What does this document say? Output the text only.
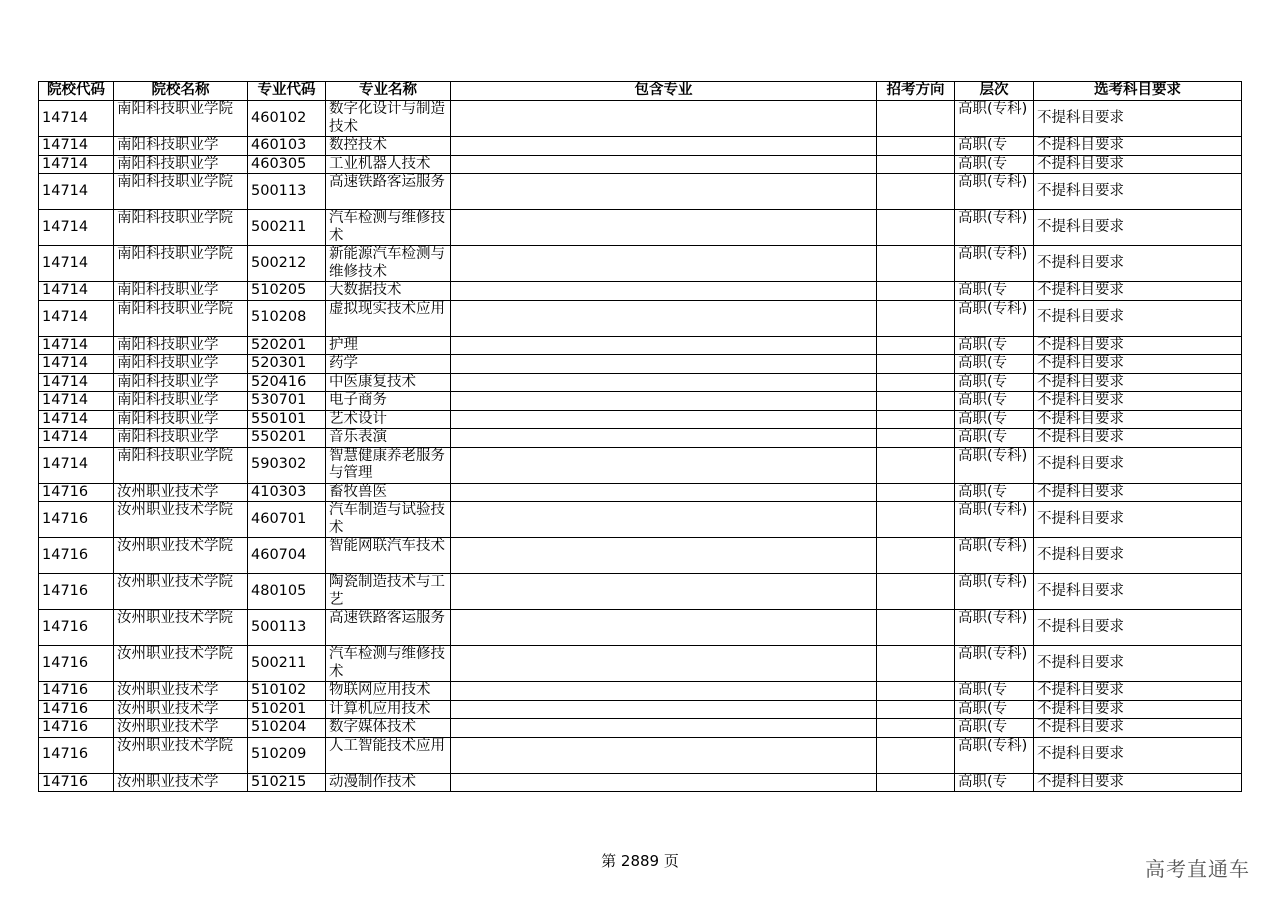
院校代码	院校名称	专业代码	专业名称	包含专业	招考方向	层次	选考科目要求
14714	南阳科技职业学院	460102	数字化设计与制造技术			高职(专科)	不提科目要求
14714	南阳科技职业学	460103	数控技术			高职(专	不提科目要求
14714	南阳科技职业学	460305	工业机器人技术			高职(专	不提科目要求
14714	南阳科技职业学院	500113	高速铁路客运服务			高职(专科)	不提科目要求
14714	南阳科技职业学院	500211	汽车检测与维修技术			高职(专科)	不提科目要求
14714	南阳科技职业学院	500212	新能源汽车检测与维修技术			高职(专科)	不提科目要求
14714	南阳科技职业学	510205	大数据技术			高职(专	不提科目要求
14714	南阳科技职业学院	510208	虚拟现实技术应用			高职(专科)	不提科目要求
14714	南阳科技职业学	520201	护理			高职(专	不提科目要求
14714	南阳科技职业学	520301	药学			高职(专	不提科目要求
14714	南阳科技职业学	520416	中医康复技术			高职(专	不提科目要求
14714	南阳科技职业学	530701	电子商务			高职(专	不提科目要求
14714	南阳科技职业学	550101	艺术设计			高职(专	不提科目要求
14714	南阳科技职业学	550201	音乐表演			高职(专	不提科目要求
14714	南阳科技职业学院	590302	智慧健康养老服务与管理			高职(专科)	不提科目要求
14716	汝州职业技术学	410303	畜牧兽医			高职(专	不提科目要求
14716	汝州职业技术学院	460701	汽车制造与试验技术			高职(专科)	不提科目要求
14716	汝州职业技术学院	460704	智能网联汽车技术			高职(专科)	不提科目要求
14716	汝州职业技术学院	480105	陶瓷制造技术与工艺			高职(专科)	不提科目要求
14716	汝州职业技术学院	500113	高速铁路客运服务			高职(专科)	不提科目要求
14716	汝州职业技术学院	500211	汽车检测与维修技术			高职(专科)	不提科目要求
14716	汝州职业技术学	510102	物联网应用技术			高职(专	不提科目要求
14716	汝州职业技术学	510201	计算机应用技术			高职(专	不提科目要求
14716	汝州职业技术学	510204	数字媒体技术			高职(专	不提科目要求
14716	汝州职业技术学院	510209	人工智能技术应用			高职(专科)	不提科目要求
14716	汝州职业技术学	510215	动漫制作技术			高职(专	不提科目要求
第 2889 页	高考直通车
